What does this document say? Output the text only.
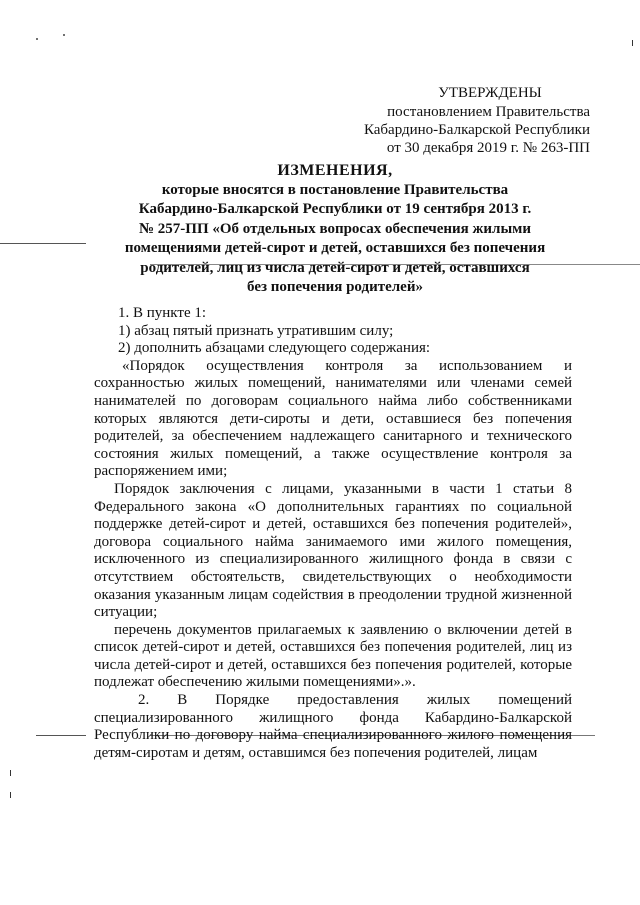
УТВЕРЖДЕНЫ
постановлением Правительства
Кабардино-Балкарской Республики
от 30 декабря 2019 г. № 263-ПП
ИЗМЕНЕНИЯ,
которые вносятся в постановление Правительства
Кабардино-Балкарской Республики от 19 сентября 2013 г.
№ 257-ПП «Об отдельных вопросах обеспечения жилыми
помещениями детей-сирот и детей, оставшихся без попечения
родителей, лиц из числа детей-сирот и детей, оставшихся
без попечения родителей»
1. В пункте 1:
1) абзац пятый признать утратившим силу;
2) дополнить абзацами следующего содержания:

«Порядок осуществления контроля за использованием и сохранностью жилых помещений, нанимателями или членами семей нанимателей по договорам социального найма либо собственниками которых являются дети-сироты и дети, оставшиеся без попечения родителей, за обеспечением надлежащего санитарного и технического состояния жилых помещений, а также осуществление контроля за распоряжением ими;

Порядок заключения с лицами, указанными в части 1 статьи 8 Федерального закона «О дополнительных гарантиях по социальной поддержке детей-сирот и детей, оставшихся без попечения родителей», договора социального найма занимаемого ими жилого помещения, исключенного из специализированного жилищного фонда в связи с отсутствием обстоятельств, свидетельствующих о необходимости оказания указанным лицам содействия в преодолении трудной жизненной ситуации;

перечень документов прилагаемых к заявлению о включении детей в список детей-сирот и детей, оставшихся без попечения родителей, лиц из числа детей-сирот и детей, оставшихся без попечения родителей, которые подлежат обеспечению жилыми помещениями».».

2. В Порядке предоставления жилых помещений специализированного жилищного фонда Кабардино-Балкарской Республики по договору найма специализированного жилого помещения детям-сиротам и детям, оставшимся без попечения родителей, лицам
